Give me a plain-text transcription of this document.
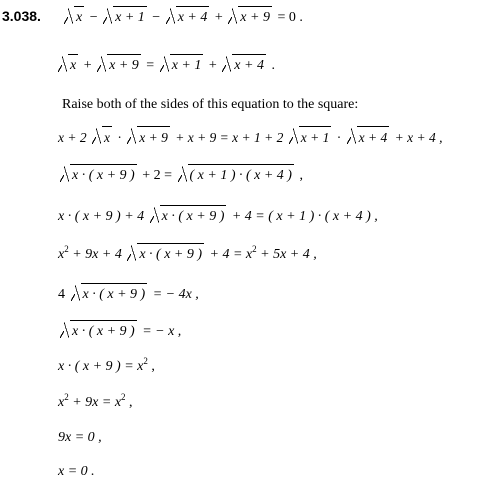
3.038.	x − x + 1 − x + 4 + x + 9 = 0 .
x + x + 9 = x + 1 + x + 4 .
Raise both of the sides of this equation to the square:
x + 2 x · x + 9 + x + 9 = x + 1 + 2 x + 1 · x + 4 + x + 4 ,
x · ( x + 9 ) + 2 = ( x + 1 ) · ( x + 4 ) ,
x · ( x + 9 ) + 4 x · ( x + 9 ) + 4 = ( x + 1 ) · ( x + 4 ) ,
$x^2 + 9x + 4$ x · ( x + 9 ) + $4 = x^2 + 5x + 4$ ,
4 x · ( x + 9 ) = − 4x ,
x · ( x + 9 ) = − x ,
x · ( x + 9 ) = $x^2$ ,
$x^2 + 9x = x^2$ ,
9x = 0 ,
x = 0 .
